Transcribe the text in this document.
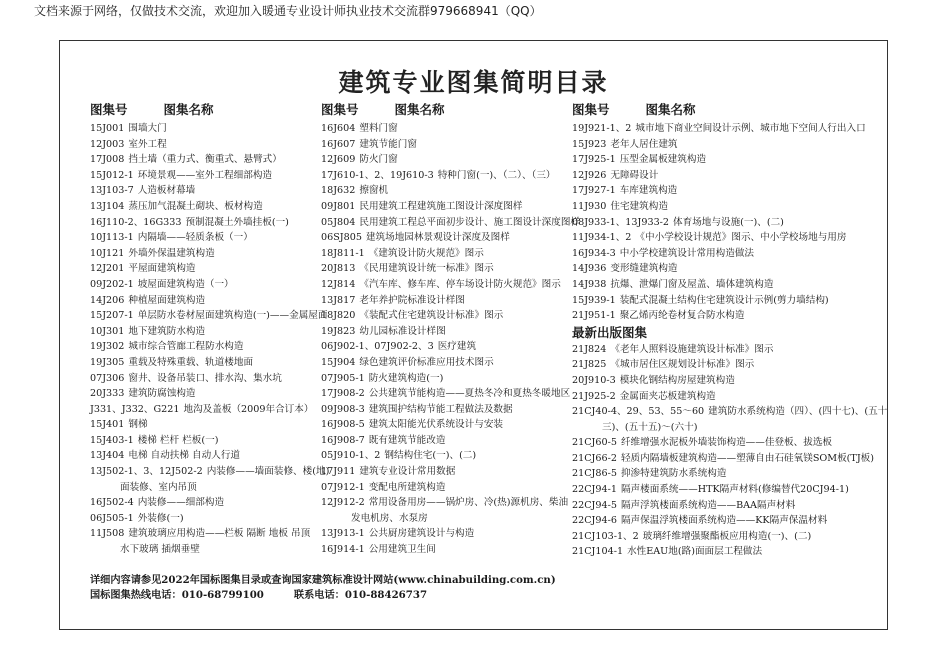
文档来源于网络，仅做技术交流，欢迎加入暖通专业设计师执业技术交流群979668941（QQ）
建筑专业图集简明目录
图集号	图集名称
15J001 围墙大门
12J003 室外工程
17J008 挡土墙（重力式、衡重式、悬臂式）
15J012-1 环境景观——室外工程细部构造
13J103-7 人造板材幕墙
13J104 蒸压加气混凝土砌块、板材构造
16J110-2、16G333 预制混凝土外墙挂板(一)
10J113-1 内隔墙——轻质条板（一）
10J121 外墙外保温建筑构造
12J201 平屋面建筑构造
09J202-1 坡屋面建筑构造（一）
14J206 种植屋面建筑构造
15J207-1 单层防水卷材屋面建筑构造(一)——金属屋面
10J301 地下建筑防水构造
19J302 城市综合管廊工程防水构造
19J305 重载及特殊重载、轨道楼地面
07J306 窗井、设备吊装口、排水沟、集水坑
20J333 建筑防腐蚀构造
J331、J332、G221 地沟及盖板（2009年合订本）
15J401 钢梯
15J403-1 楼梯 栏杆 栏板(一)
13J404 电梯 自动扶梯 自动人行道
13J502-1、3、12J502-2 内装修——墙面装修、楼(地)
面装修、室内吊顶
16J502-4 内装修——细部构造
06J505-1 外装修(一)
11J508 建筑玻璃应用构造——栏板 隔断 地板 吊顶
水下玻璃 插烟垂壁
图集号	图集名称
16J604 塑料门窗
16J607 建筑节能门窗
12J609 防火门窗
17J610-1、2、19J610-3 特种门窗(一)、（二）、（三）
18J632 擦窗机
09J801 民用建筑工程建筑施工图设计深度图样
05J804 民用建筑工程总平面初步设计、施工图设计深度图样
06SJ805 建筑场地园林景观设计深度及图样
18J811-1 《建筑设计防火规范》图示
20J813 《民用建筑设计统一标准》图示
12J814 《汽车库、修车库、停车场设计防火规范》图示
13J817 老年养护院标准设计样图
18J820 《装配式住宅建筑设计标准》图示
19J823 幼儿园标准设计样图
06J902-1、07J902-2、3 医疗建筑
15J904 绿色建筑评价标准应用技术图示
07J905-1 防火建筑构造(一)
17J908-2 公共建筑节能构造——夏热冬冷和夏热冬暖地区
09J908-3 建筑围护结构节能工程做法及数据
16J908-5 建筑太阳能光伏系统设计与安装
16J908-7 既有建筑节能改造
05J910-1、2 钢结构住宅(一)、(二)
17J911 建筑专业设计常用数据
07J912-1 变配电所建筑构造
12J912-2 常用设备用房——锅炉房、冷(热)源机房、柴油
发电机房、水泵房
13J913-1 公共厨房建筑设计与构造
16J914-1 公用建筑卫生间
图集号	图集名称
19J921-1、2 城市地下商业空间设计示例、城市地下空间人行出入口
15J923 老年人居住建筑
17J925-1 压型金属板建筑构造
12J926 无障碍设计
17J927-1 车库建筑构造
11J930 住宅建筑构造
08J933-1、13J933-2 体育场地与设施(一)、(二)
11J934-1、2 《中小学校设计规范》图示、中小学校场地与用房
16J934-3 中小学校建筑设计常用构造做法
14J936 变形缝建筑构造
14J938 抗爆、泄爆门窗及屋盖、墙体建筑构造
15J939-1 装配式混凝土结构住宅建筑设计示例(剪力墙结构)
21J951-1 聚乙烯丙纶卷材复合防水构造
最新出版图集
21J824 《老年人照料设施建筑设计标准》图示
21J825 《城市居住区规划设计标准》图示
20J910-3 模块化钢结构房屋建筑构造
21J925-2 金属面夹芯板建筑构造
21CJ40-4、29、53、55～60 建筑防水系统构造（四）、(四十七)、(五十
三)、(五十五)～(六十)
21CJ60-5 纤维增强水泥板外墙装饰构造——佳登板、拔选板
21CJ66-2 轻质内隔墙板建筑构造——塑薄自由石硅氧镁SOM板(TJ板)
21CJ86-5 抑渗特建筑防水系统构造
22CJ94-1 隔声楼面系统——HTK隔声材料(修编替代20CJ94-1)
22CJ94-5 隔声浮筑楼面系统构造——BAA隔声材料
22CJ94-6 隔声保温浮筑楼面系统构造——KK隔声保温材料
21CJ103-1、2 玻璃纤维增强聚酯板应用构造(一)、(二)
21CJ104-1 水性EAU地(路)面面层工程做法
详细内容请参见2022年国标图集目录或查询国家建筑标准设计网站(www.chinabuilding.com.cn)
国标图集热线电话：010-68799100	联系电话：010-88426737
